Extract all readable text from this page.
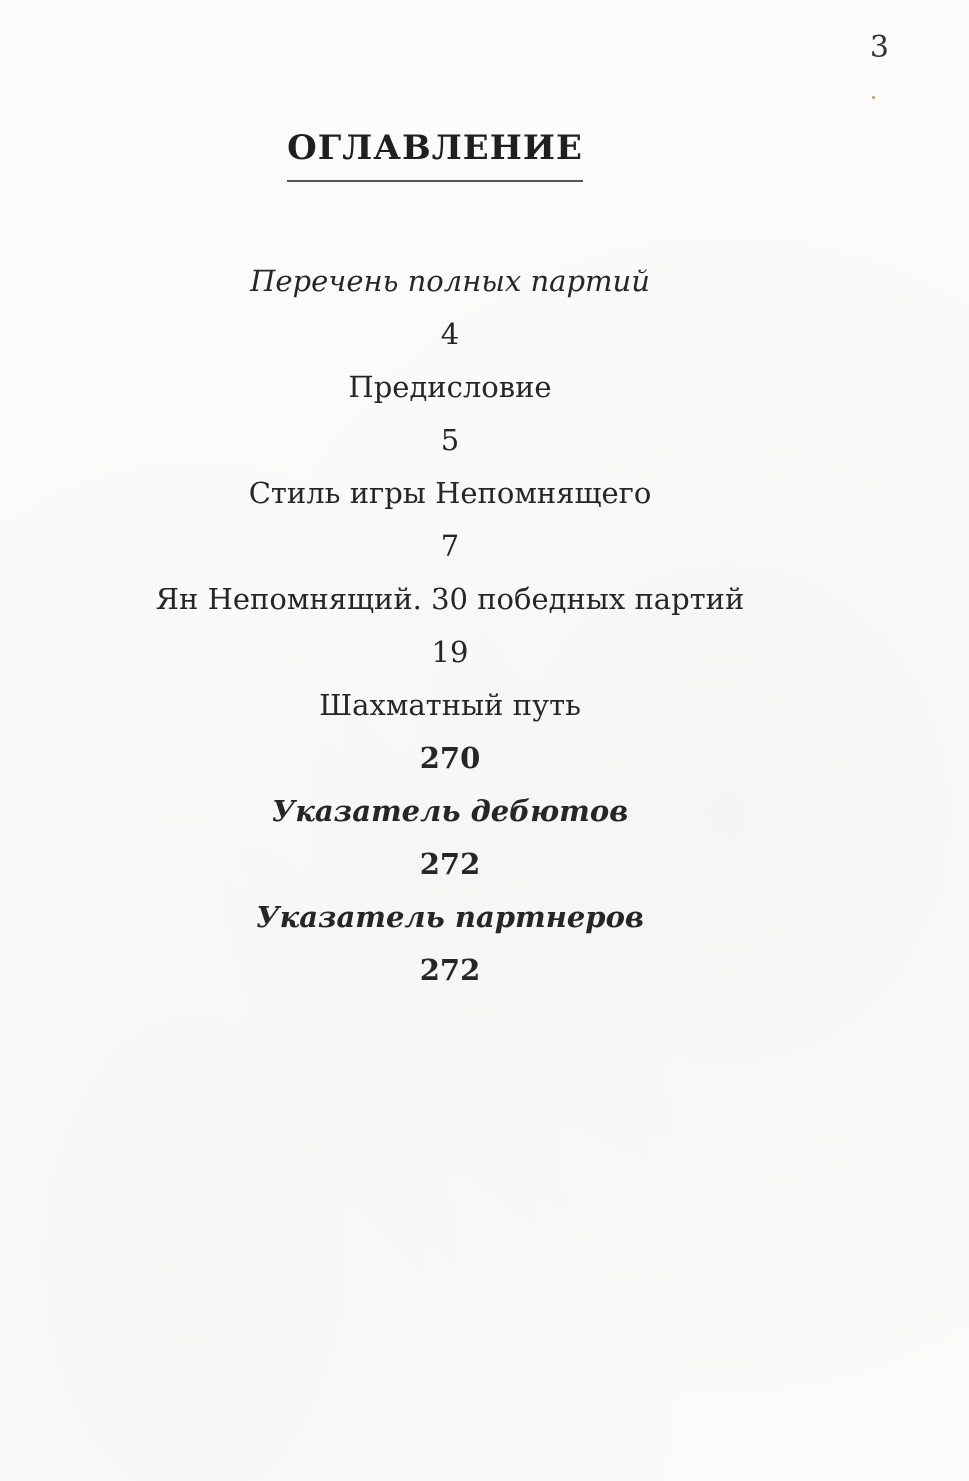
3
ОГЛАВЛЕНИЕ
Перечень полных партий
4
Предисловие
5
Стиль игры Непомнящего
7
Ян Непомнящий. 30 победных партий
19
Шахматный путь
270
Указатель дебютов
272
Указатель партнеров
272
